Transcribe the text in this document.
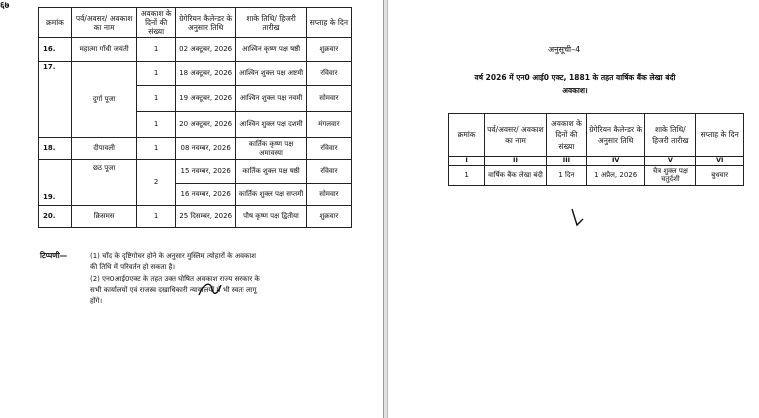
६७
क्रमांक	पर्व/अवसर/ अवकाश का नाम	अवकाश के दिनों की संख्या	ग्रेगेरियन कैलेन्डर के अनुसार तिथि	शाके तिथि/ हिजरी तारीख	सप्ताह के दिन
16.	महात्मा गाँधी जयंती	1	02 अक्टूबर, 2026	आश्विन कृष्ण पक्ष षष्ठी	शुक्रवार
17.	दुर्गा पूजा	1	18 अक्टूबर, 2026	आश्विन शुक्ल पक्ष अष्टमी	रविवार
		1	19 अक्टूबर, 2026	आश्विन शुक्ल पक्ष नवमी	सोमवार
		1	20 अक्टूबर, 2026	आश्विन शुक्ल पक्ष दशमी	मंगलवार
18.	दीपावली	1	08 नवम्बर, 2026	कार्तिक कृष्ण पक्ष अमावस्या	रविवार
19.	छठ पूजा	2	15 नवम्बर, 2026	कार्तिक शुक्ल पक्ष षष्ठी	रविवार
			16 नवम्बर, 2026	कार्तिक शुक्ल पक्ष सप्तमी	सोमवार
20.	क्रिसमस	1	25 दिसम्बर, 2026	पौष कृष्ण पक्ष द्वितीया	शुक्रवार
टिप्पणी—	(1) चाँद के दृष्टिगोचर होने के अनुसार मुस्लिम त्योहारों के अवकाश
की तिथि में परिवर्तन हो सकता है।
(2) एन0आई0एक्ट के तहत उक्त घोषित अवकाश राज्य सरकार के
सभी कार्यालयों एवं राजस्व दखाधिकारी न्यायालयों में भी स्वतः लागू
होंगे।
अनुसूची–4
वर्ष 2026 में एन0 आई0 एक्ट, 1881 के तहत वार्षिक बैंक लेखा बंदी
अवकाश।
क्रमांक	पर्व/अवसर/ अवकाश का नाम	अवकाश के दिनों की संख्या	ग्रेगेरियन कैलेन्डर के अनुसार तिथि	शाके तिथि/ हिजरी तारीख	सप्ताह के दिन
I	II	III	IV	V	VI
1	वार्षिक बैंक लेखा बंदी	1 दिन	1 अप्रैल, 2026	चैत्र शुक्ल पक्ष चतुर्दशी	बुधवार
